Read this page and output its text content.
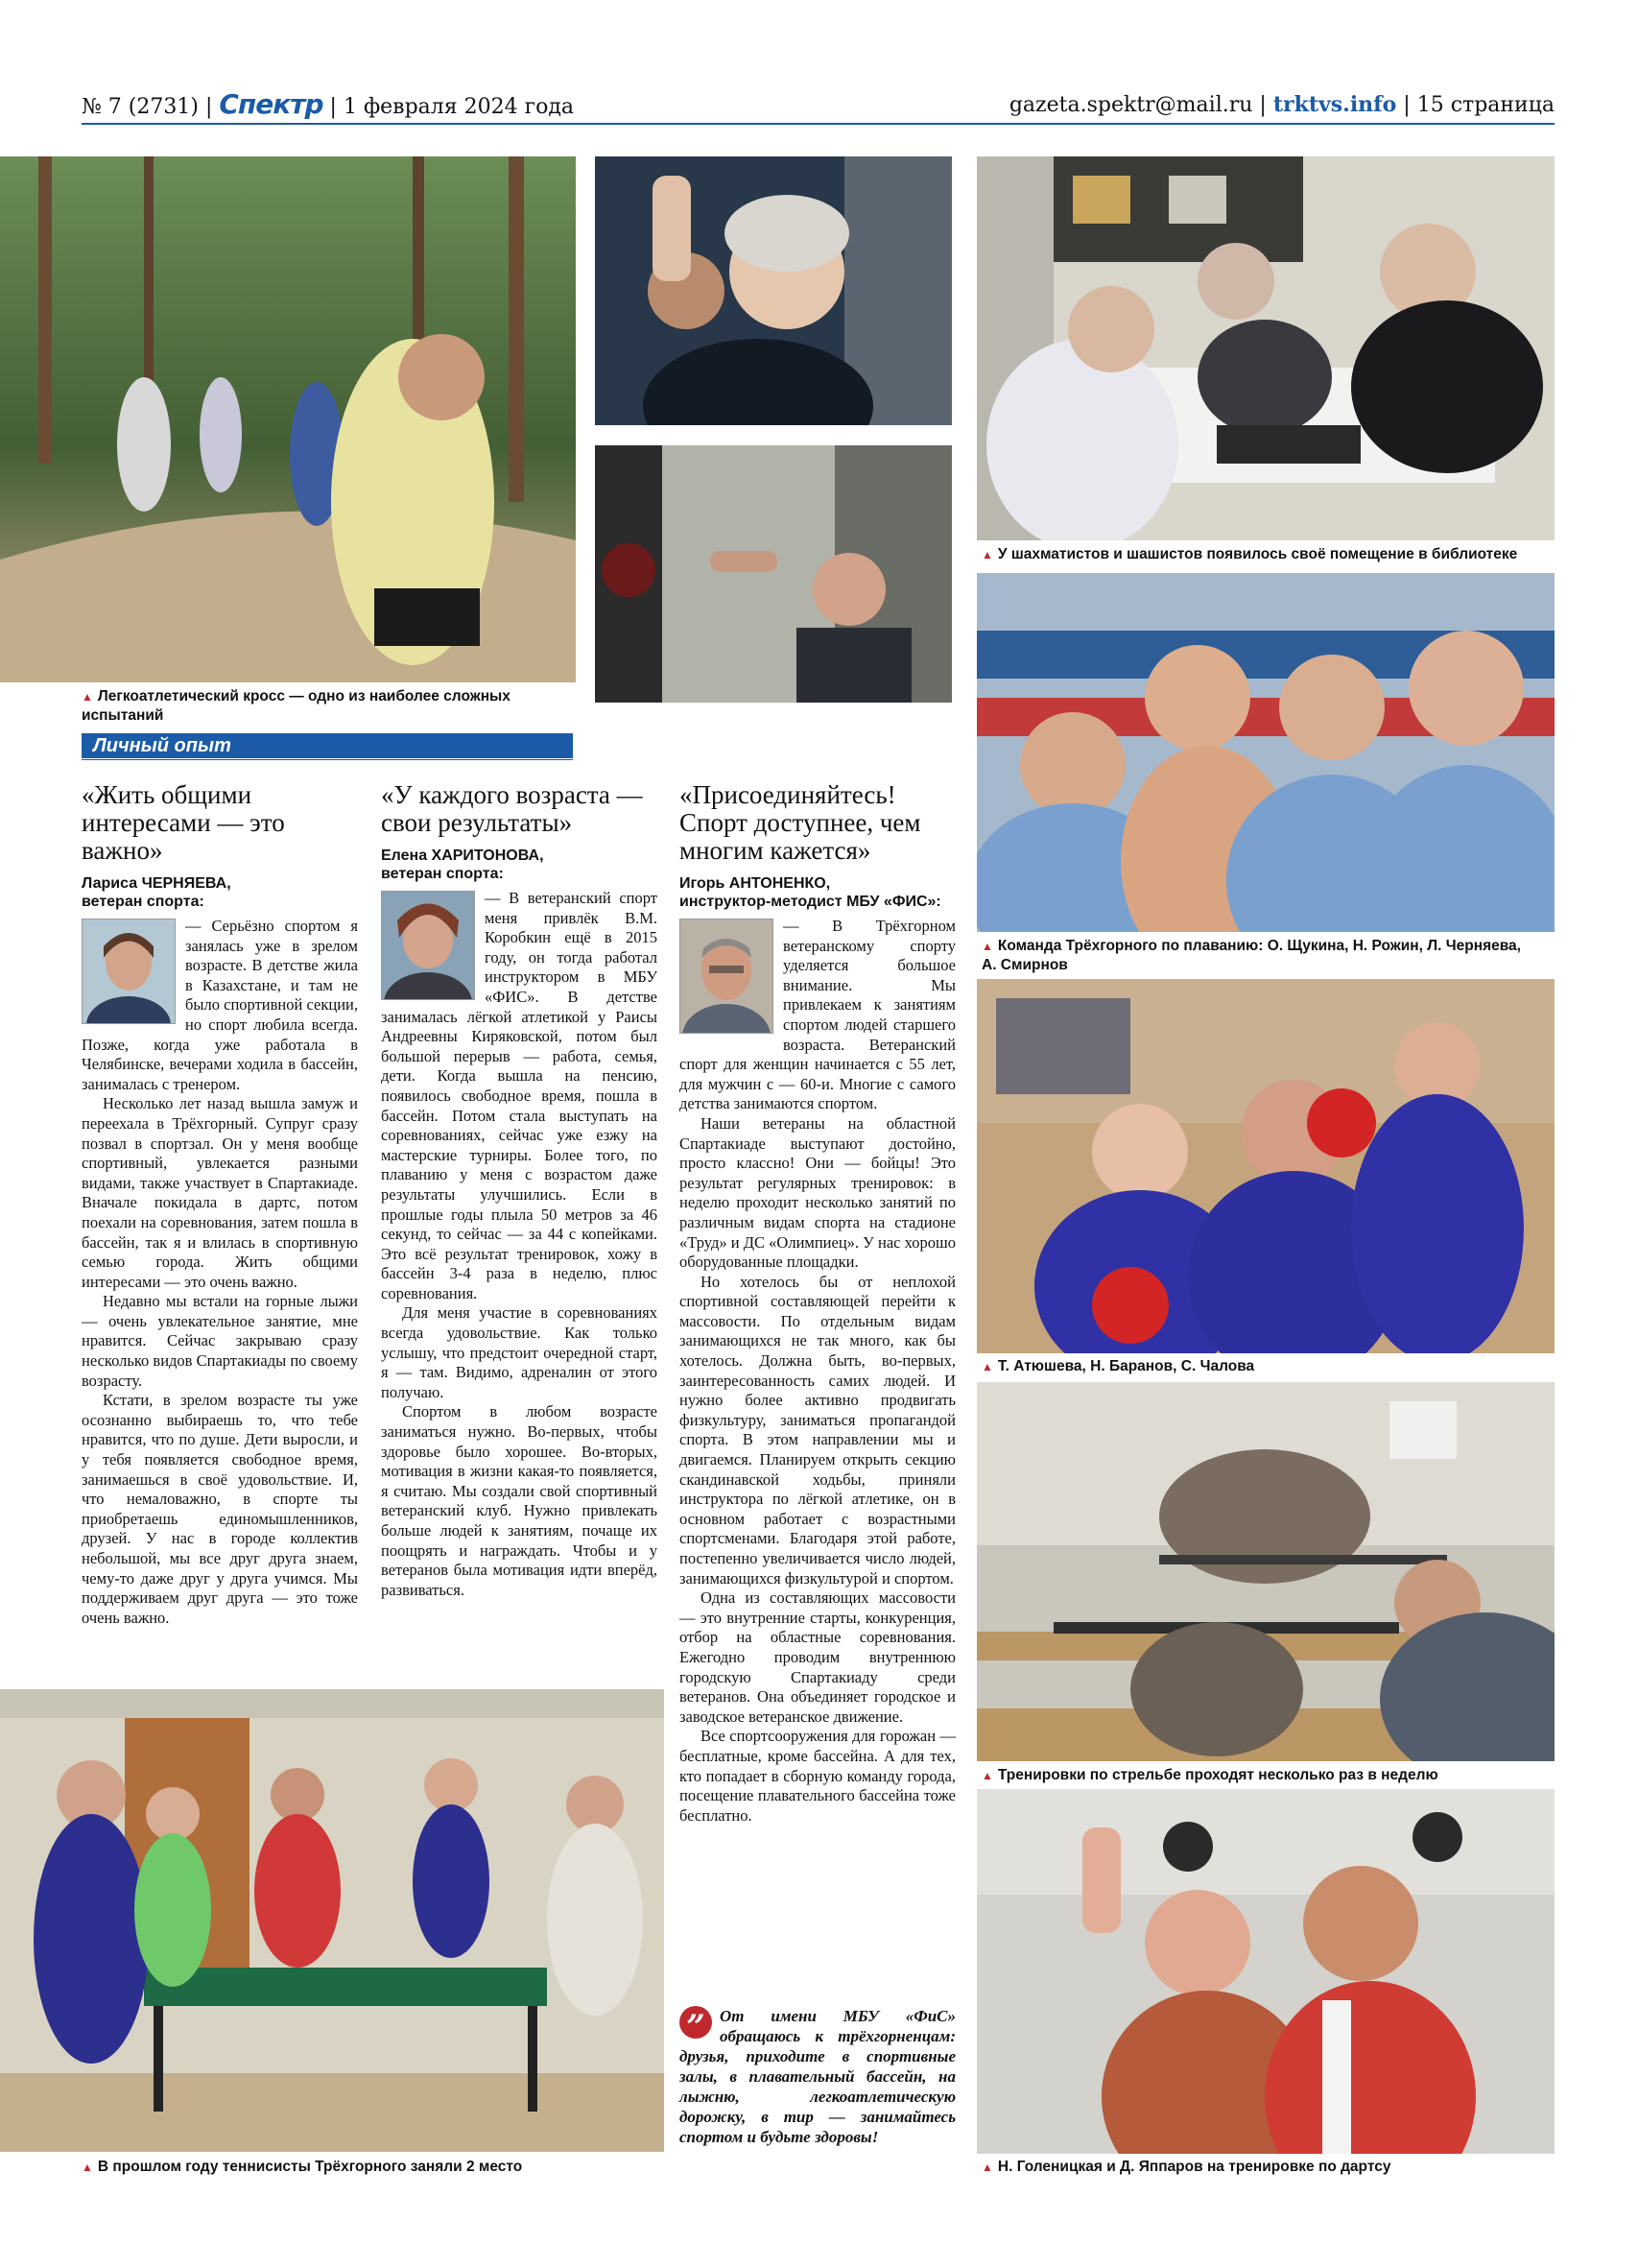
№ 7 (2731) | Спектр | 1 февраля 2024 года	gazeta.spektr@mail.ru | trktvs.info | 15 страница
▲ Легкоатлетический кросс — одно из наиболее сложных испытаний
▲ У шахматистов и шашистов появилось своё помещение в библиотеке
▲ Команда Трёхгорного по плаванию: О. Щукина, Н. Рожин, Л. Черняева, А. Смирнов
▲ Т. Атюшева, Н. Баранов, С. Чалова
▲ Тренировки по стрельбе проходят несколько раз в неделю
▲ Н. Голеницкая и Д. Яппаров на тренировке по дартсу
▲ В прошлом году теннисисты Трёхгорного заняли 2 место
Личный опыт
«Жить общими интересами — это важно»
Лариса ЧЕРНЯЕВА,
ветеран спорта:

— Серьёзно спортом я занялась уже в зрелом возрасте. В детстве жила в Казахстане, и там не было спортивной секции, но спорт любила всегда. Позже, когда уже работала в Челябинске, вечерами ходила в бассейн, занималась с тренером.

Несколько лет назад вышла замуж и переехала в Трёхгорный. Супруг сразу позвал в спортзал. Он у меня вообще спортивный, увлекается разными видами, также участвует в Спартакиаде. Вначале покидала в дартс, потом поехали на соревнования, затем пошла в бассейн, так я и влилась в спортивную семью города. Жить общими интересами — это очень важно.

Недавно мы встали на горные лыжи — очень увлекательное занятие, мне нравится. Сейчас закрываю сразу несколько видов Спартакиады по своему возрасту.

Кстати, в зрелом возрасте ты уже осознанно выбираешь то, что тебе нравится, что по душе. Дети выросли, и у тебя появляется свободное время, занимаешься в своё удовольствие. И, что немаловажно, в спорте ты приобретаешь единомышленников, друзей. У нас в городе коллектив небольшой, мы все друг друга знаем, чему-то даже друг у друга учимся. Мы поддерживаем друг друга — это тоже очень важно.

«У каждого возраста — свои результаты»
Елена ХАРИТОНОВА,
ветеран спорта:

— В ветеранский спорт меня привлёк В.М. Коробкин ещё в 2015 году, он тогда работал инструктором в МБУ «ФИС». В детстве занималась лёгкой атлетикой у Раисы Андреевны Киряковской, потом был большой перерыв — работа, семья, дети. Когда вышла на пенсию, появилось свободное время, пошла в бассейн. Потом стала выступать на соревнованиях, сейчас уже езжу на мастерские турниры. Более того, по плаванию у меня с возрастом даже результаты улучшились. Если в прошлые годы плыла 50 метров за 46 секунд, то сейчас — за 44 с копейками. Это всё результат тренировок, хожу в бассейн 3-4 раза в неделю, плюс соревнования.

Для меня участие в соревнованиях всегда удовольствие. Как только услышу, что предстоит очередной старт, я — там. Видимо, адреналин от этого получаю.

Спортом в любом возрасте заниматься нужно. Во-первых, чтобы здоровье было хорошее. Во-вторых, мотивация в жизни какая-то появляется, я считаю. Мы создали свой спортивный ветеранский клуб. Нужно привлекать больше людей к занятиям, почаще их поощрять и награждать. Чтобы и у ветеранов была мотивация идти вперёд, развиваться.

«Присоединяйтесь! Спорт доступнее, чем многим кажется»
Игорь АНТОНЕНКО,
инструктор-методист МБУ «ФИС»:

— В Трёхгорном ветеранскому спорту уделяется большое внимание. Мы привлекаем к занятиям спортом людей старшего возраста. Ветеранский спорт для женщин начинается с 55 лет, для мужчин с — 60-и. Многие с самого детства занимаются спортом.

Наши ветераны на областной Спартакиаде выступают достойно, просто классно! Они — бойцы! Это результат регулярных тренировок: в неделю проходит несколько занятий по различным видам спорта на стадионе «Труд» и ДС «Олимпиец». У нас хорошо оборудованные площадки.

Но хотелось бы от неплохой спортивной составляющей перейти к массовости. По отдельным видам занимающихся не так много, как бы хотелось. Должна быть, во-первых, заинтересованность самих людей. И нужно более активно продвигать физкультуру, заниматься пропагандой спорта. В этом направлении мы и двигаемся. Планируем открыть секцию скандинавской ходьбы, приняли инструктора по лёгкой атлетике, он в основном работает с возрастными спортсменами. Благодаря этой работе, постепенно увеличивается число людей, занимающихся физкультурой и спортом.

Одна из составляющих массовости — это внутренние старты, конкуренция, отбор на областные соревнования. Ежегодно проводим внутреннюю городскую Спартакиаду среди ветеранов. Она объединяет городское и заводское ветеранское движение.

Все спортсооружения для горожан — бесплатные, кроме бассейна. А для тех, кто попадает в сборную команду города, посещение плавательного бассейна тоже бесплатно.

” От имени МБУ «ФиС» обращаюсь к трёхгорненцам: друзья, приходите в спортивные залы, в плавательный бассейн, на лыжню, легкоатлетическую дорожку, в тир — занимайтесь спортом и будьте здоровы!
